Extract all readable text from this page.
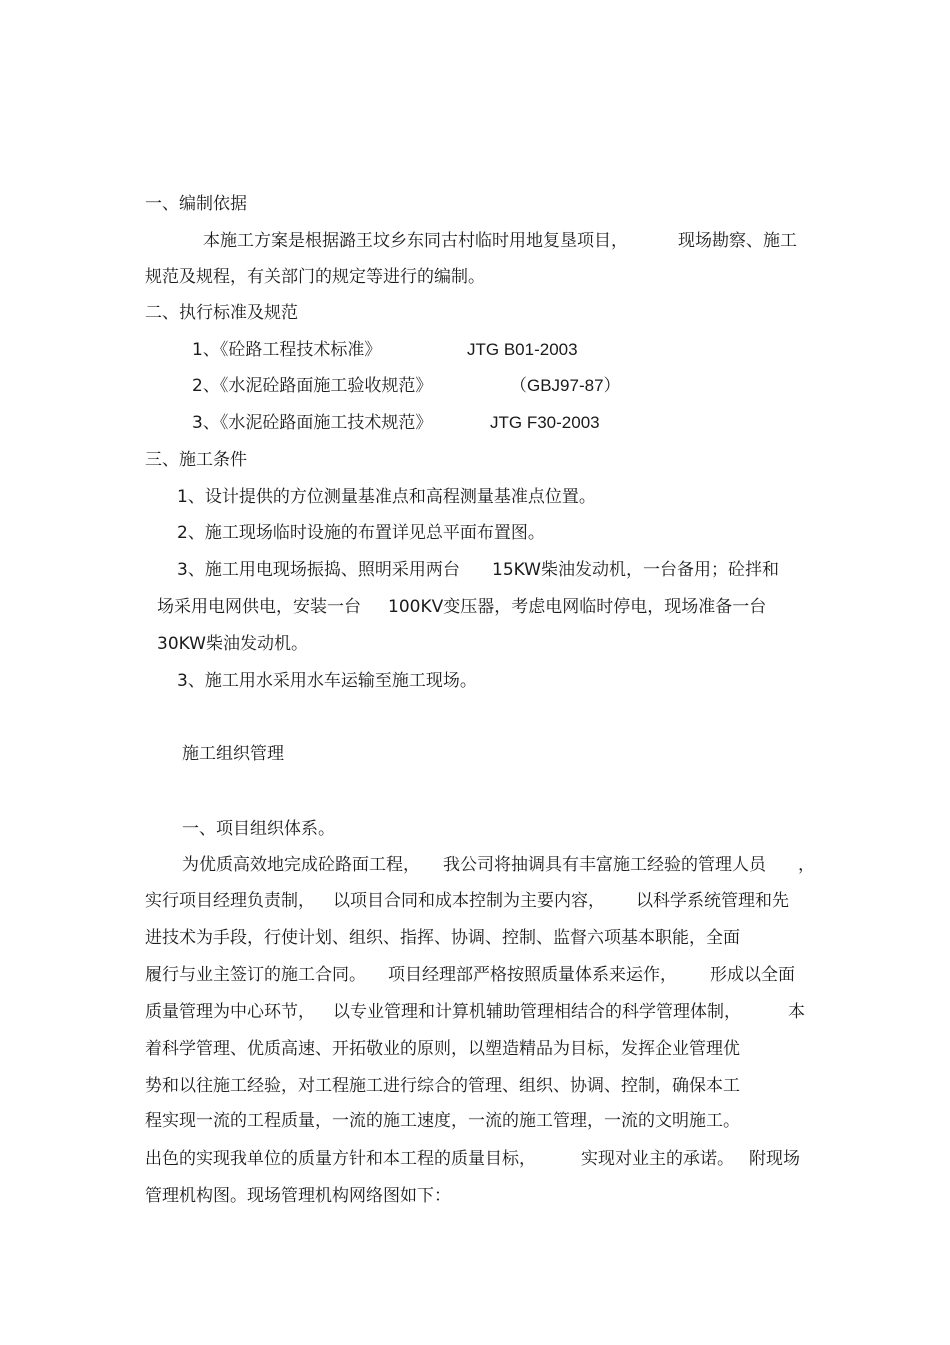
一、编制依据
本施工方案是根据潞王坟乡东同古村临时用地复垦项目，	现场勘察、施工
规范及规程，有关部门的规定等进行的编制。
二、执行标准及规范
1、《砼路工程技术标准》	JTG B01-2003
2、《水泥砼路面施工验收规范》	（GBJ97-87）
3、《水泥砼路面施工技术规范》	JTG F30-2003
三、施工条件
1、设计提供的方位测量基准点和高程测量基准点位置。
2、施工现场临时设施的布置详见总平面布置图。
3、施工用电现场振捣、照明采用两台 15KW柴油发动机，一台备用；砼拌和
场采用电网供电，安装一台 100KV变压器，考虑电网临时停电，现场准备一台
30KW柴油发动机。
3、施工用水采用水车运输至施工现场。
施工组织管理
一、项目组织体系。
为优质高效地完成砼路面工程， 我公司将抽调具有丰富施工经验的管理人员 ，
实行项目经理负责制， 以项目合同和成本控制为主要内容， 以科学系统管理和先
进技术为手段，行使计划、组织、指挥、协调、控制、监督六项基本职能，全面
履行与业主签订的施工合同。 项目经理部严格按照质量体系来运作， 形成以全面
质量管理为中心环节， 以专业管理和计算机辅助管理相结合的科学管理体制，	本
着科学管理、优质高速、开拓敬业的原则，以塑造精品为目标，发挥企业管理优
势和以往施工经验，对工程施工进行综合的管理、组织、协调、控制，确保本工
程实现一流的工程质量，一流的施工速度，一流的施工管理，一流的文明施工。
出色的实现我单位的质量方针和本工程的质量目标，	实现对业主的承诺。 附现场
管理机构图。现场管理机构网络图如下：
